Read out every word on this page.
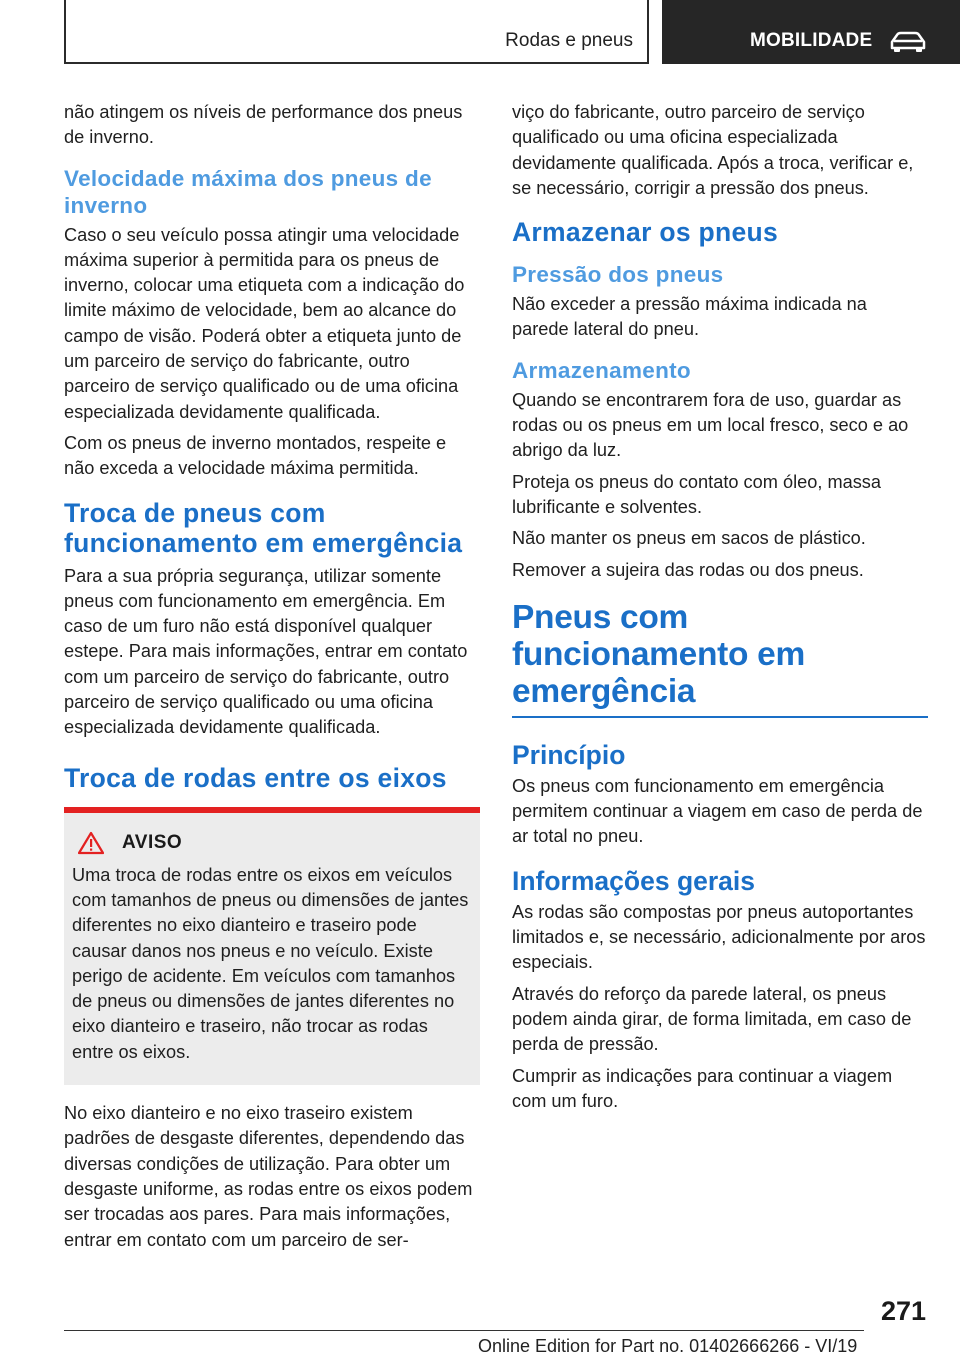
Rodas e pneus	MOBILIDADE

não atingem os níveis de performance dos pneus de inverno.

Velocidade máxima dos pneus de inverno

Caso o seu veículo possa atingir uma velocidade máxima superior à permitida para os pneus de inverno, colocar uma etiqueta com a indicação do limite máximo de velocidade, bem ao alcance do campo de visão. Poderá obter a etiqueta junto de um parceiro de serviço do fabricante, outro parceiro de serviço qualificado ou de uma oficina especializada devidamente qualificada.

Com os pneus de inverno montados, respeite e não exceda a velocidade máxima permitida.

Troca de pneus com funcionamento em emergência

Para a sua própria segurança, utilizar somente pneus com funcionamento em emergência. Em caso de um furo não está disponível qualquer estepe. Para mais informações, entrar em contato com um parceiro de serviço do fabricante, outro parceiro de serviço qualificado ou uma oficina especializada devidamente qualificada.

Troca de rodas entre os eixos
AVISO

Uma troca de rodas entre os eixos em veículos com tamanhos de pneus ou dimensões de jantes diferentes no eixo dianteiro e traseiro pode causar danos nos pneus e no veículo. Existe perigo de acidente. Em veículos com tamanhos de pneus ou dimensões de jantes diferentes no eixo dianteiro e traseiro, não trocar as rodas entre os eixos.

No eixo dianteiro e no eixo traseiro existem padrões de desgaste diferentes, dependendo das diversas condições de utilização. Para obter um desgaste uniforme, as rodas entre os eixos podem ser trocadas aos pares. Para mais informações, entrar em contato com um parceiro de ser-

viço do fabricante, outro parceiro de serviço qualificado ou uma oficina especializada devidamente qualificada. Após a troca, verificar e, se necessário, corrigir a pressão dos pneus.

Armazenar os pneus
Pressão dos pneus

Não exceder a pressão máxima indicada na parede lateral do pneu.

Armazenamento

Quando se encontrarem fora de uso, guardar as rodas ou os pneus em um local fresco, seco e ao abrigo da luz.

Proteja os pneus do contato com óleo, massa lubrificante e solventes.

Não manter os pneus em sacos de plástico.

Remover a sujeira das rodas ou dos pneus.

Pneus com funcionamento em emergência
Princípio

Os pneus com funcionamento em emergência permitem continuar a viagem em caso de perda de ar total no pneu.

Informações gerais

As rodas são compostas por pneus autoportantes limitados e, se necessário, adicionalmente por aros especiais.

Através do reforço da parede lateral, os pneus podem ainda girar, de forma limitada, em caso de perda de pressão.

Cumprir as indicações para continuar a viagem com um furo.

271
Online Edition for Part no. 01402666266 - VI/19
